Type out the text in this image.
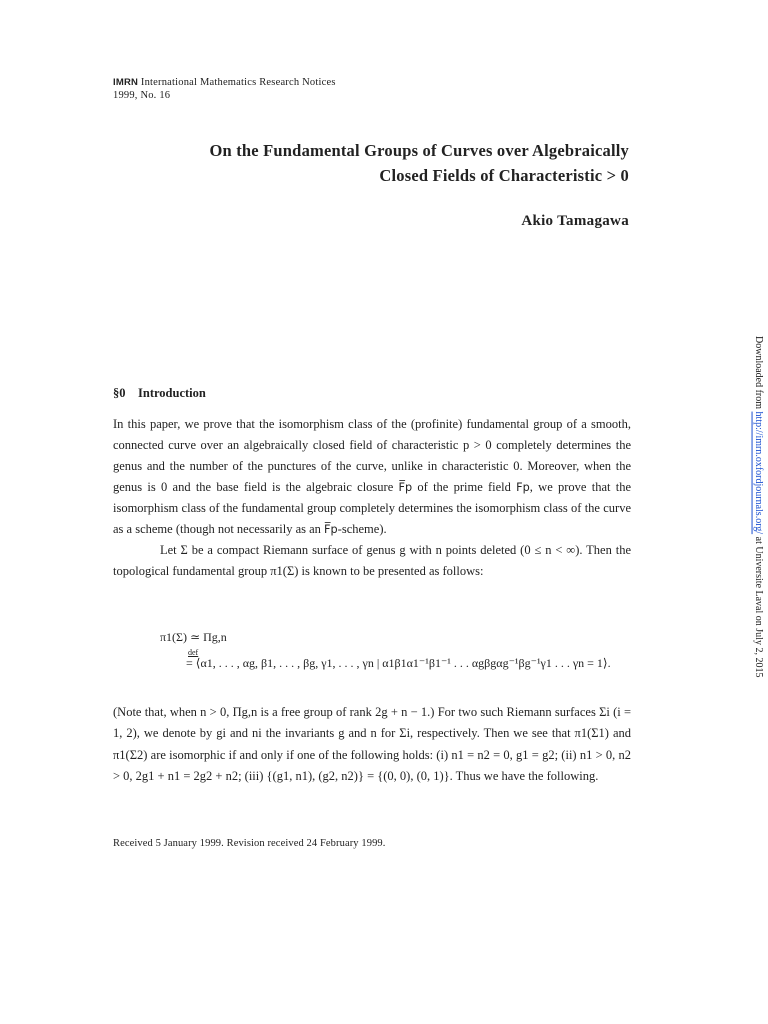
IMRN International Mathematics Research Notices
1999, No. 16
On the Fundamental Groups of Curves over Algebraically
Closed Fields of Characteristic > 0
Akio Tamagawa
§0 Introduction

In this paper, we prove that the isomorphism class of the (profinite) fundamental group of a smooth, connected curve over an algebraically closed field of characteristic p > 0 completely determines the genus and the number of the punctures of the curve, unlike in characteristic 0. Moreover, when the genus is 0 and the base field is the algebraic closure F̅p of the prime field Fp, we prove that the isomorphism class of the fundamental group completely determines the isomorphism class of the curve as a scheme (though not necessarily as an F̅p-scheme).

Let Σ be a compact Riemann surface of genus g with n points deleted (0 ≤ n < ∞). Then the topological fundamental group π1(Σ) is known to be presented as follows:

π1(Σ) ≃ Πg,n
def
= ⟨α1, . . . , αg, β1, . . . , βg, γ1, . . . , γn | α1β1α1⁻¹β1⁻¹ . . . αgβgαg⁻¹βg⁻¹γ1 . . . γn = 1⟩.
(Note that, when n > 0, Πg,n is a free group of rank 2g + n − 1.) For two such Riemann surfaces Σi (i = 1, 2), we denote by gi and ni the invariants g and n for Σi, respectively. Then we see that π1(Σ1) and π1(Σ2) are isomorphic if and only if one of the following holds: (i) n1 = n2 = 0, g1 = g2; (ii) n1 > 0, n2 > 0, 2g1 + n1 = 2g2 + n2; (iii) {(g1, n1), (g2, n2)} = {(0, 0), (0, 1)}. Thus we have the following.
Received 5 January 1999. Revision received 24 February 1999.
Downloaded from http://imrn.oxfordjournals.org/ at Universite Laval on July 2, 2015
